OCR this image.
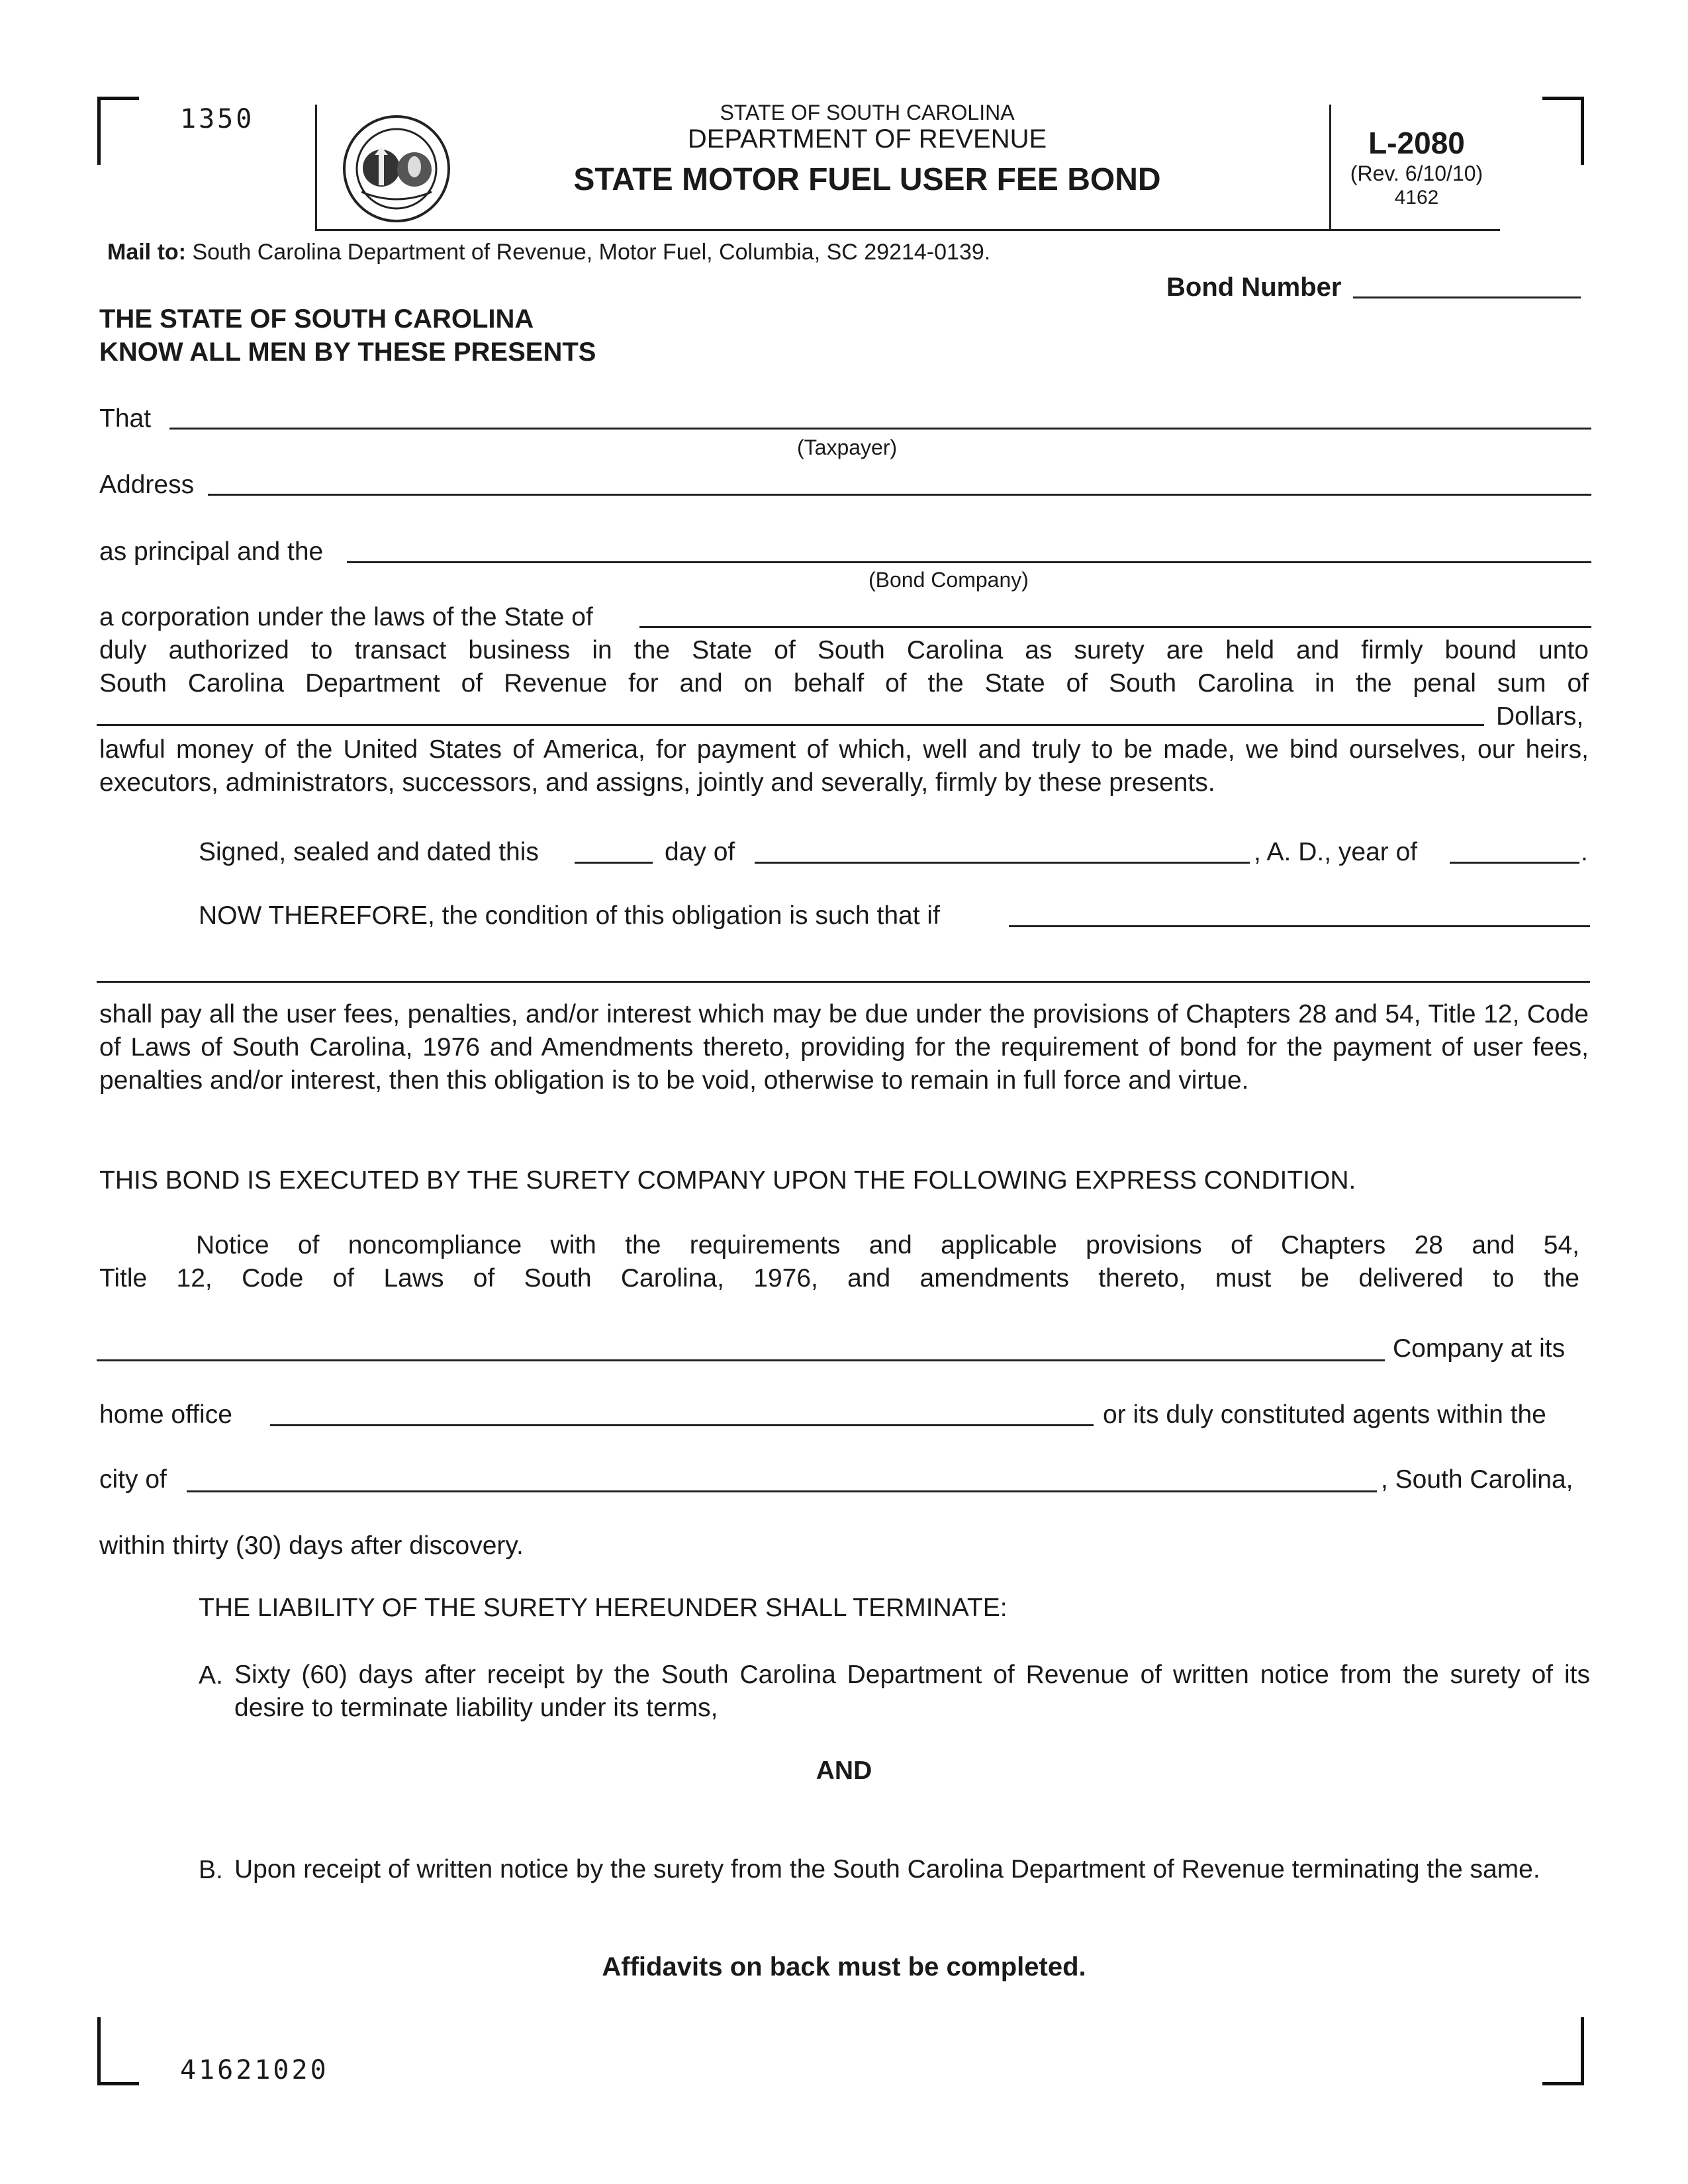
1350	STATE OF SOUTH CAROLINA
DEPARTMENT OF REVENUE
STATE MOTOR FUEL USER FEE BOND
L-2080
(Rev. 6/10/10)
4162
Mail to: South Carolina Department of Revenue, Motor Fuel, Columbia, SC 29214-0139.
Bond Number
THE STATE OF SOUTH CAROLINA
KNOW ALL MEN BY THESE PRESENTS
That
(Taxpayer)
Address
as principal and the
(Bond Company)
a corporation under the laws of the State of
duly authorized to transact business in the State of South Carolina as surety are held and firmly bound unto
South Carolina Department of Revenue for and on behalf of the State of South Carolina in the penal sum of
Dollars,
lawful money of the United States of America, for payment of which, well and truly to be made, we bind ourselves, our heirs, executors, administrators, successors, and assigns, jointly and severally, firmly by these presents.
Signed, sealed and dated this	day of	, A. D., year of	.
NOW THEREFORE, the condition of this obligation is such that if
shall pay all the user fees, penalties, and/or interest which may be due under the provisions of Chapters 28 and 54, Title 12, Code of Laws of South Carolina, 1976 and Amendments thereto, providing for the requirement of bond for the payment of user fees, penalties and/or interest, then this obligation is to be void, otherwise to remain in full force and virtue.
THIS BOND IS EXECUTED BY THE SURETY COMPANY UPON THE FOLLOWING EXPRESS CONDITION.
Notice of noncompliance with the requirements and applicable provisions of Chapters 28 and 54,
Title 12, Code of Laws of South Carolina, 1976, and amendments thereto, must be delivered to the
Company at its
home office	or its duly constituted agents within the
city of	, South Carolina,
within thirty (30) days after discovery.
THE LIABILITY OF THE SURETY HEREUNDER SHALL TERMINATE:
A. Sixty (60) days after receipt by the South Carolina Department of Revenue of written notice from the surety of its desire to terminate liability under its terms,
AND
B. Upon receipt of written notice by the surety from the South Carolina Department of Revenue terminating the same.
Affidavits on back must be completed.
41621020
